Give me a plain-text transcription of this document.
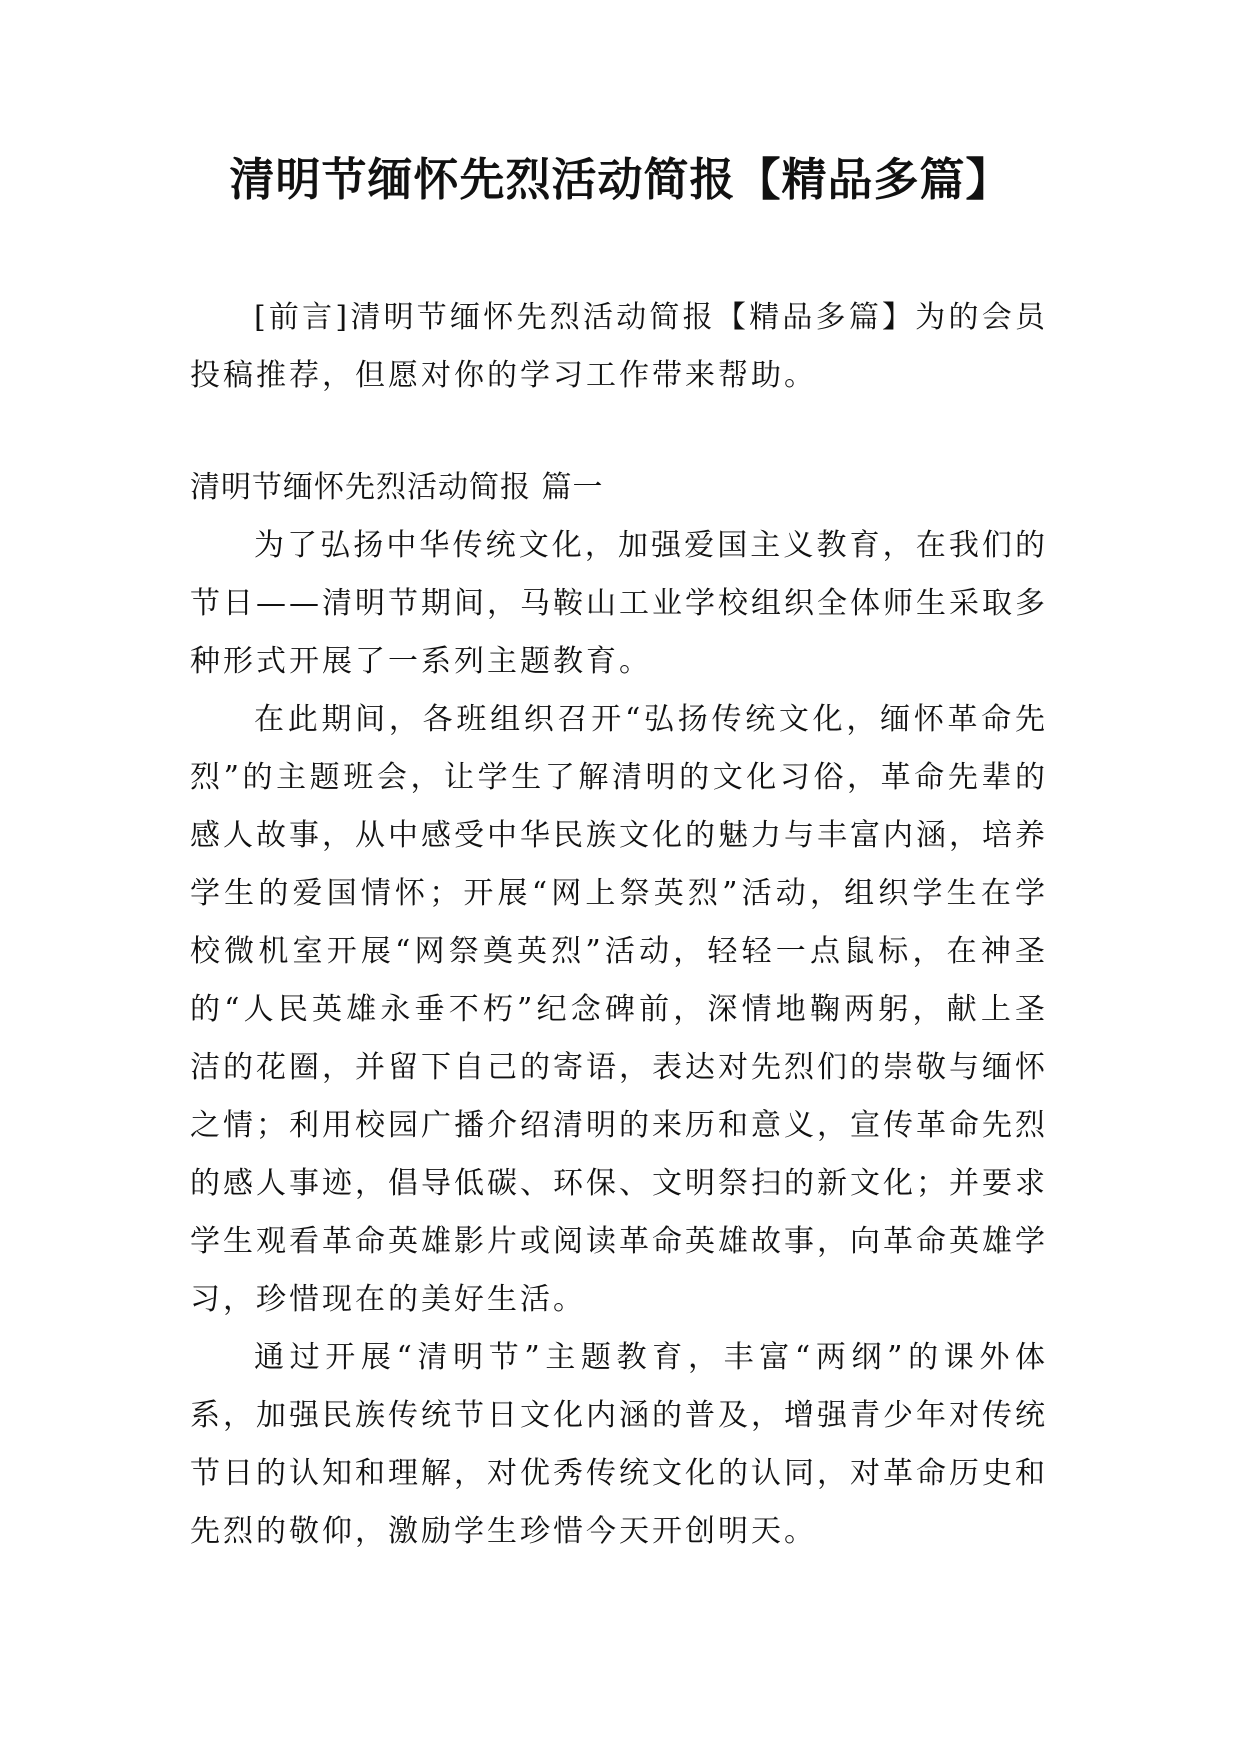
清明节缅怀先烈活动简报【精品多篇】

[前言]清明节缅怀先烈活动简报【精品多篇】为的会员投稿推荐，但愿对你的学习工作带来帮助。

清明节缅怀先烈活动简报 篇一

为了弘扬中华传统文化，加强爱国主义教育，在我们的节日——清明节期间，马鞍山工业学校组织全体师生采取多种形式开展了一系列主题教育。

在此期间，各班组织召开“弘扬传统文化，缅怀革命先烈”的主题班会，让学生了解清明的文化习俗，革命先辈的感人故事，从中感受中华民族文化的魅力与丰富内涵，培养学生的爱国情怀；开展“网上祭英烈”活动，组织学生在学校微机室开展“网祭奠英烈”活动，轻轻一点鼠标，在神圣的“人民英雄永垂不朽”纪念碑前，深情地鞠两躬，献上圣洁的花圈，并留下自己的寄语，表达对先烈们的崇敬与缅怀之情；利用校园广播介绍清明的来历和意义，宣传革命先烈的感人事迹，倡导低碳、环保、文明祭扫的新文化；并要求学生观看革命英雄影片或阅读革命英雄故事，向革命英雄学习，珍惜现在的美好生活。

通过开展“清明节”主题教育，丰富“两纲”的课外体系，加强民族传统节日文化内涵的普及，增强青少年对传统节日的认知和理解，对优秀传统文化的认同，对革命历史和先烈的敬仰，激励学生珍惜今天开创明天。
